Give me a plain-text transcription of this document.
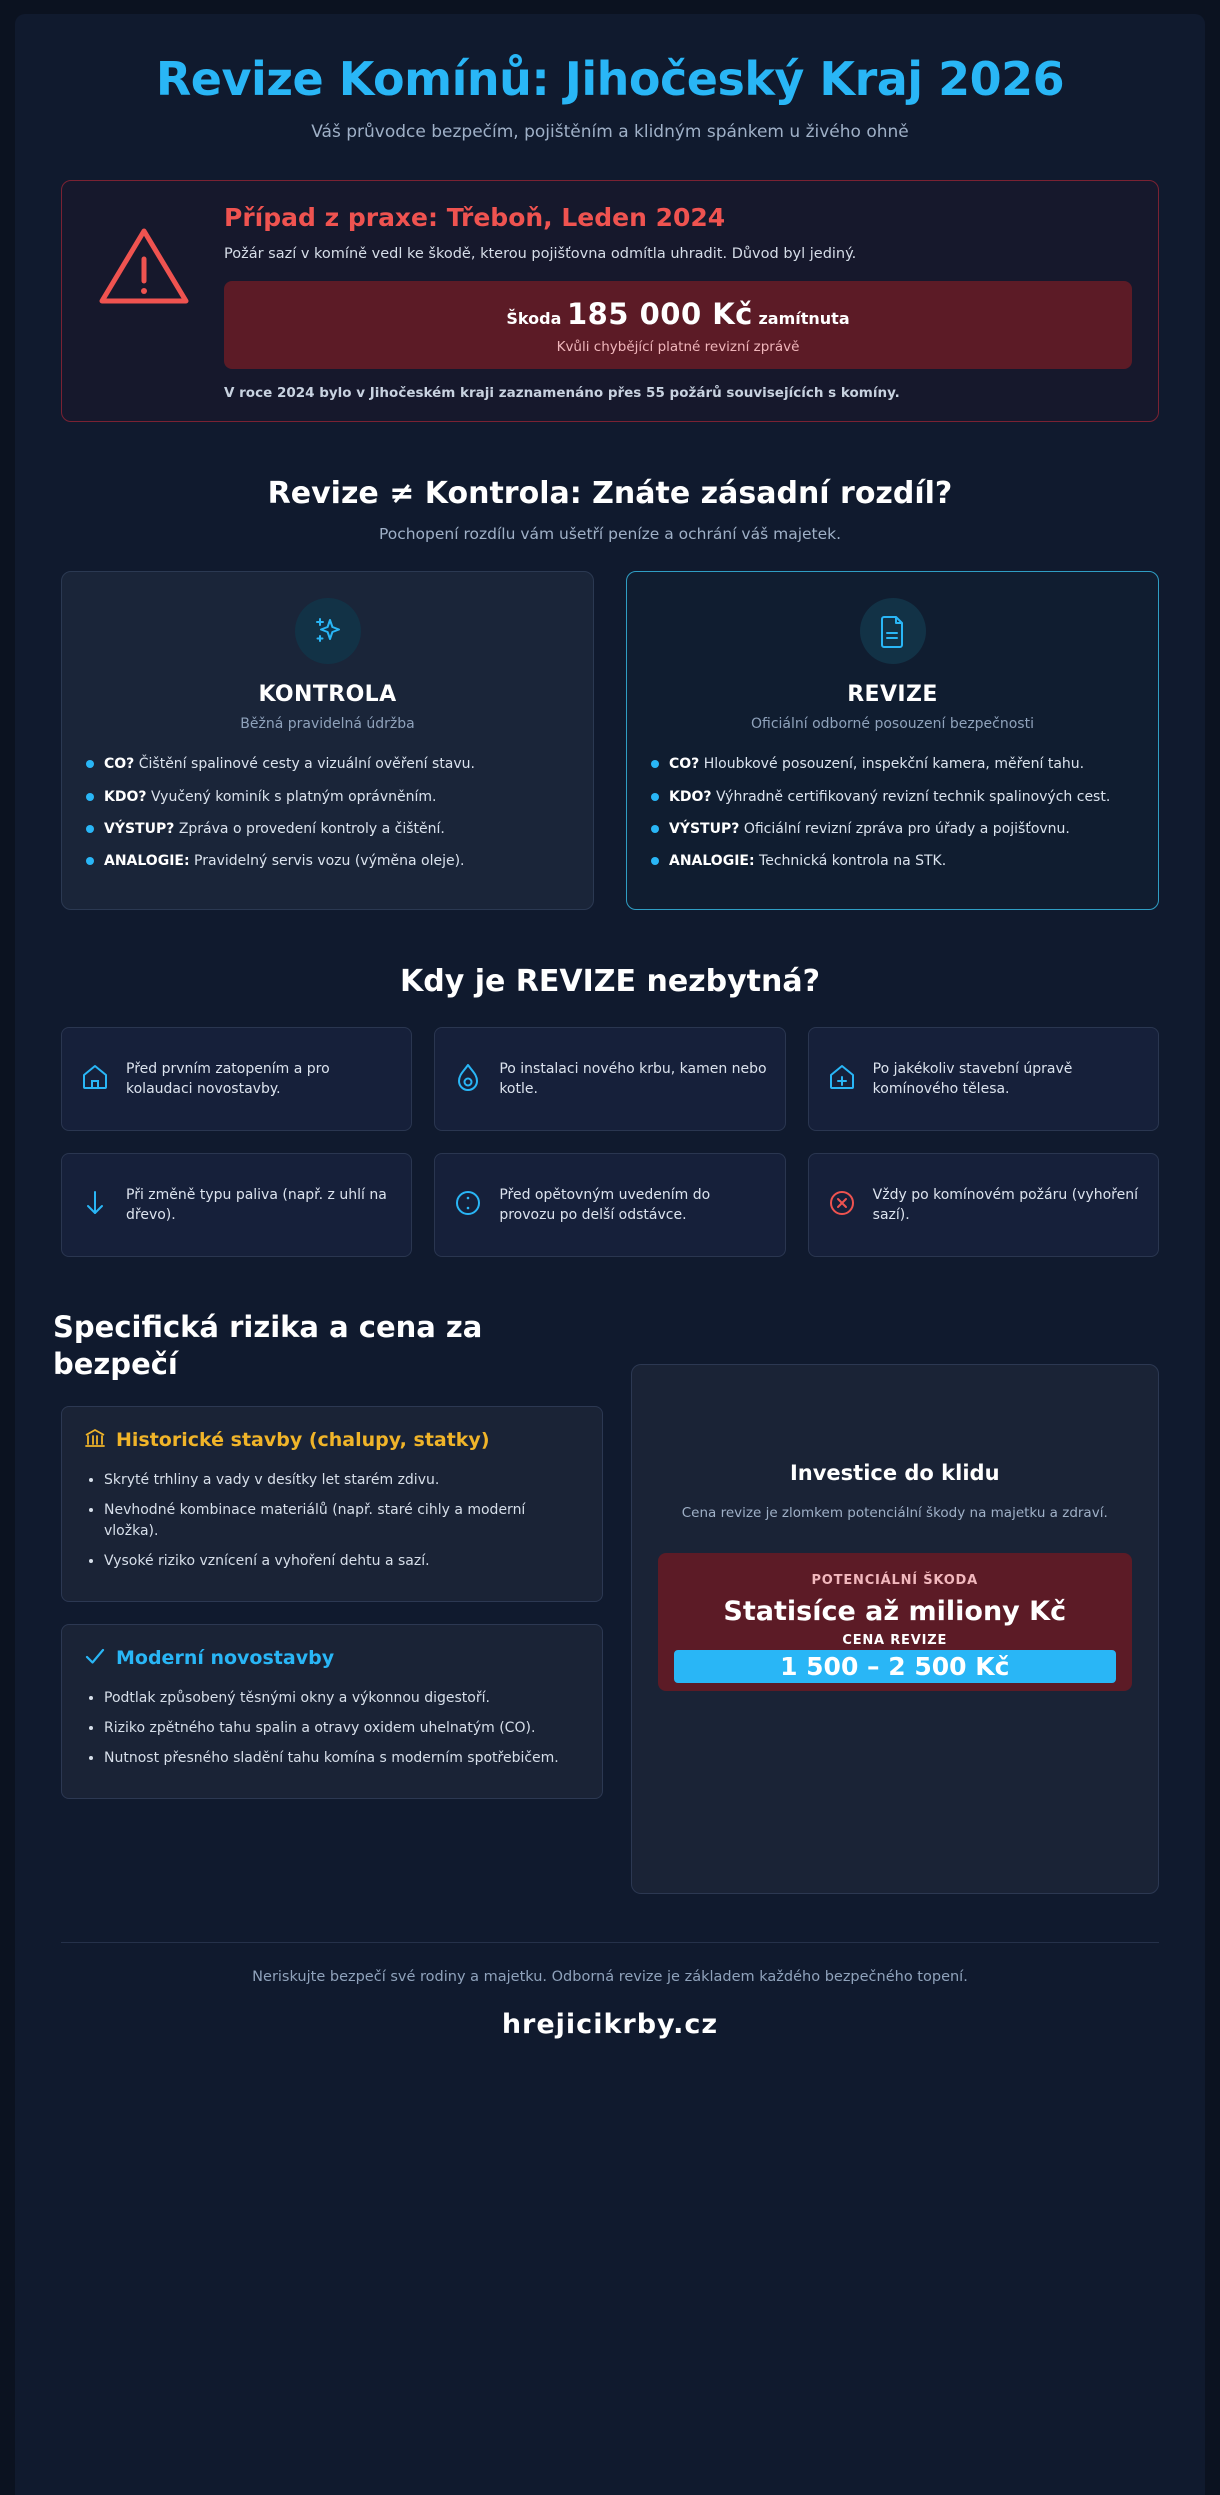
Revize Komínů: Jihočeský Kraj 2026
Váš průvodce bezpečím, pojištěním a klidným spánkem u živého ohně
Případ z praxe: Třeboň, Leden 2024
Požár sazí v komíně vedl ke škodě, kterou pojišťovna odmítla uhradit. Důvod byl jediný.
Škoda 185 000 Kč zamítnuta
Kvůli chybějící platné revizní zprávě
V roce 2024 bylo v Jihočeském kraji zaznamenáno přes 55 požárů souvisejících s komíny.
Revize ≠ Kontrola: Znáte zásadní rozdíl?
Pochopení rozdílu vám ušetří peníze a ochrání váš majetek.
KONTROLA
Běžná pravidelná údržba
CO? Čištění spalinové cesty a vizuální ověření stavu.
KDO? Vyučený kominík s platným oprávněním.
VÝSTUP? Zpráva o provedení kontroly a čištění.
ANALOGIE: Pravidelný servis vozu (výměna oleje).
REVIZE
Oficiální odborné posouzení bezpečnosti
CO? Hloubkové posouzení, inspekční kamera, měření tahu.
KDO? Výhradně certifikovaný revizní technik spalinových cest.
VÝSTUP? Oficiální revizní zpráva pro úřady a pojišťovnu.
ANALOGIE: Technická kontrola na STK.
Kdy je REVIZE nezbytná?
Před prvním zatopením a pro kolaudaci novostavby.
Po instalaci nového krbu, kamen nebo kotle.
Po jakékoliv stavební úpravě komínového tělesa.
Při změně typu paliva (např. z uhlí na dřevo).
Před opětovným uvedením do provozu po delší odstávce.
Vždy po komínovém požáru (vyhoření sazí).
Specifická rizika a cena za bezpečí
Historické stavby (chalupy, statky)
• Skryté trhliny a vady v desítky let starém zdivu.
• Nevhodné kombinace materiálů (např. staré cihly a moderní vložka).
• Vysoké riziko vznícení a vyhoření dehtu a sazí.
Moderní novostavby
• Podtlak způsobený těsnými okny a výkonnou digestoří.
• Riziko zpětného tahu spalin a otravy oxidem uhelnatým (CO).
• Nutnost přesného sladění tahu komína s moderním spotřebičem.
Investice do klidu
Cena revize je zlomkem potenciální škody na majetku a zdraví.
POTENCIÁLNÍ ŠKODA
Statisíce až miliony Kč
CENA REVIZE
1 500 – 2 500 Kč
Neriskujte bezpečí své rodiny a majetku. Odborná revize je základem každého bezpečného topení.
hrejicikrby.cz
